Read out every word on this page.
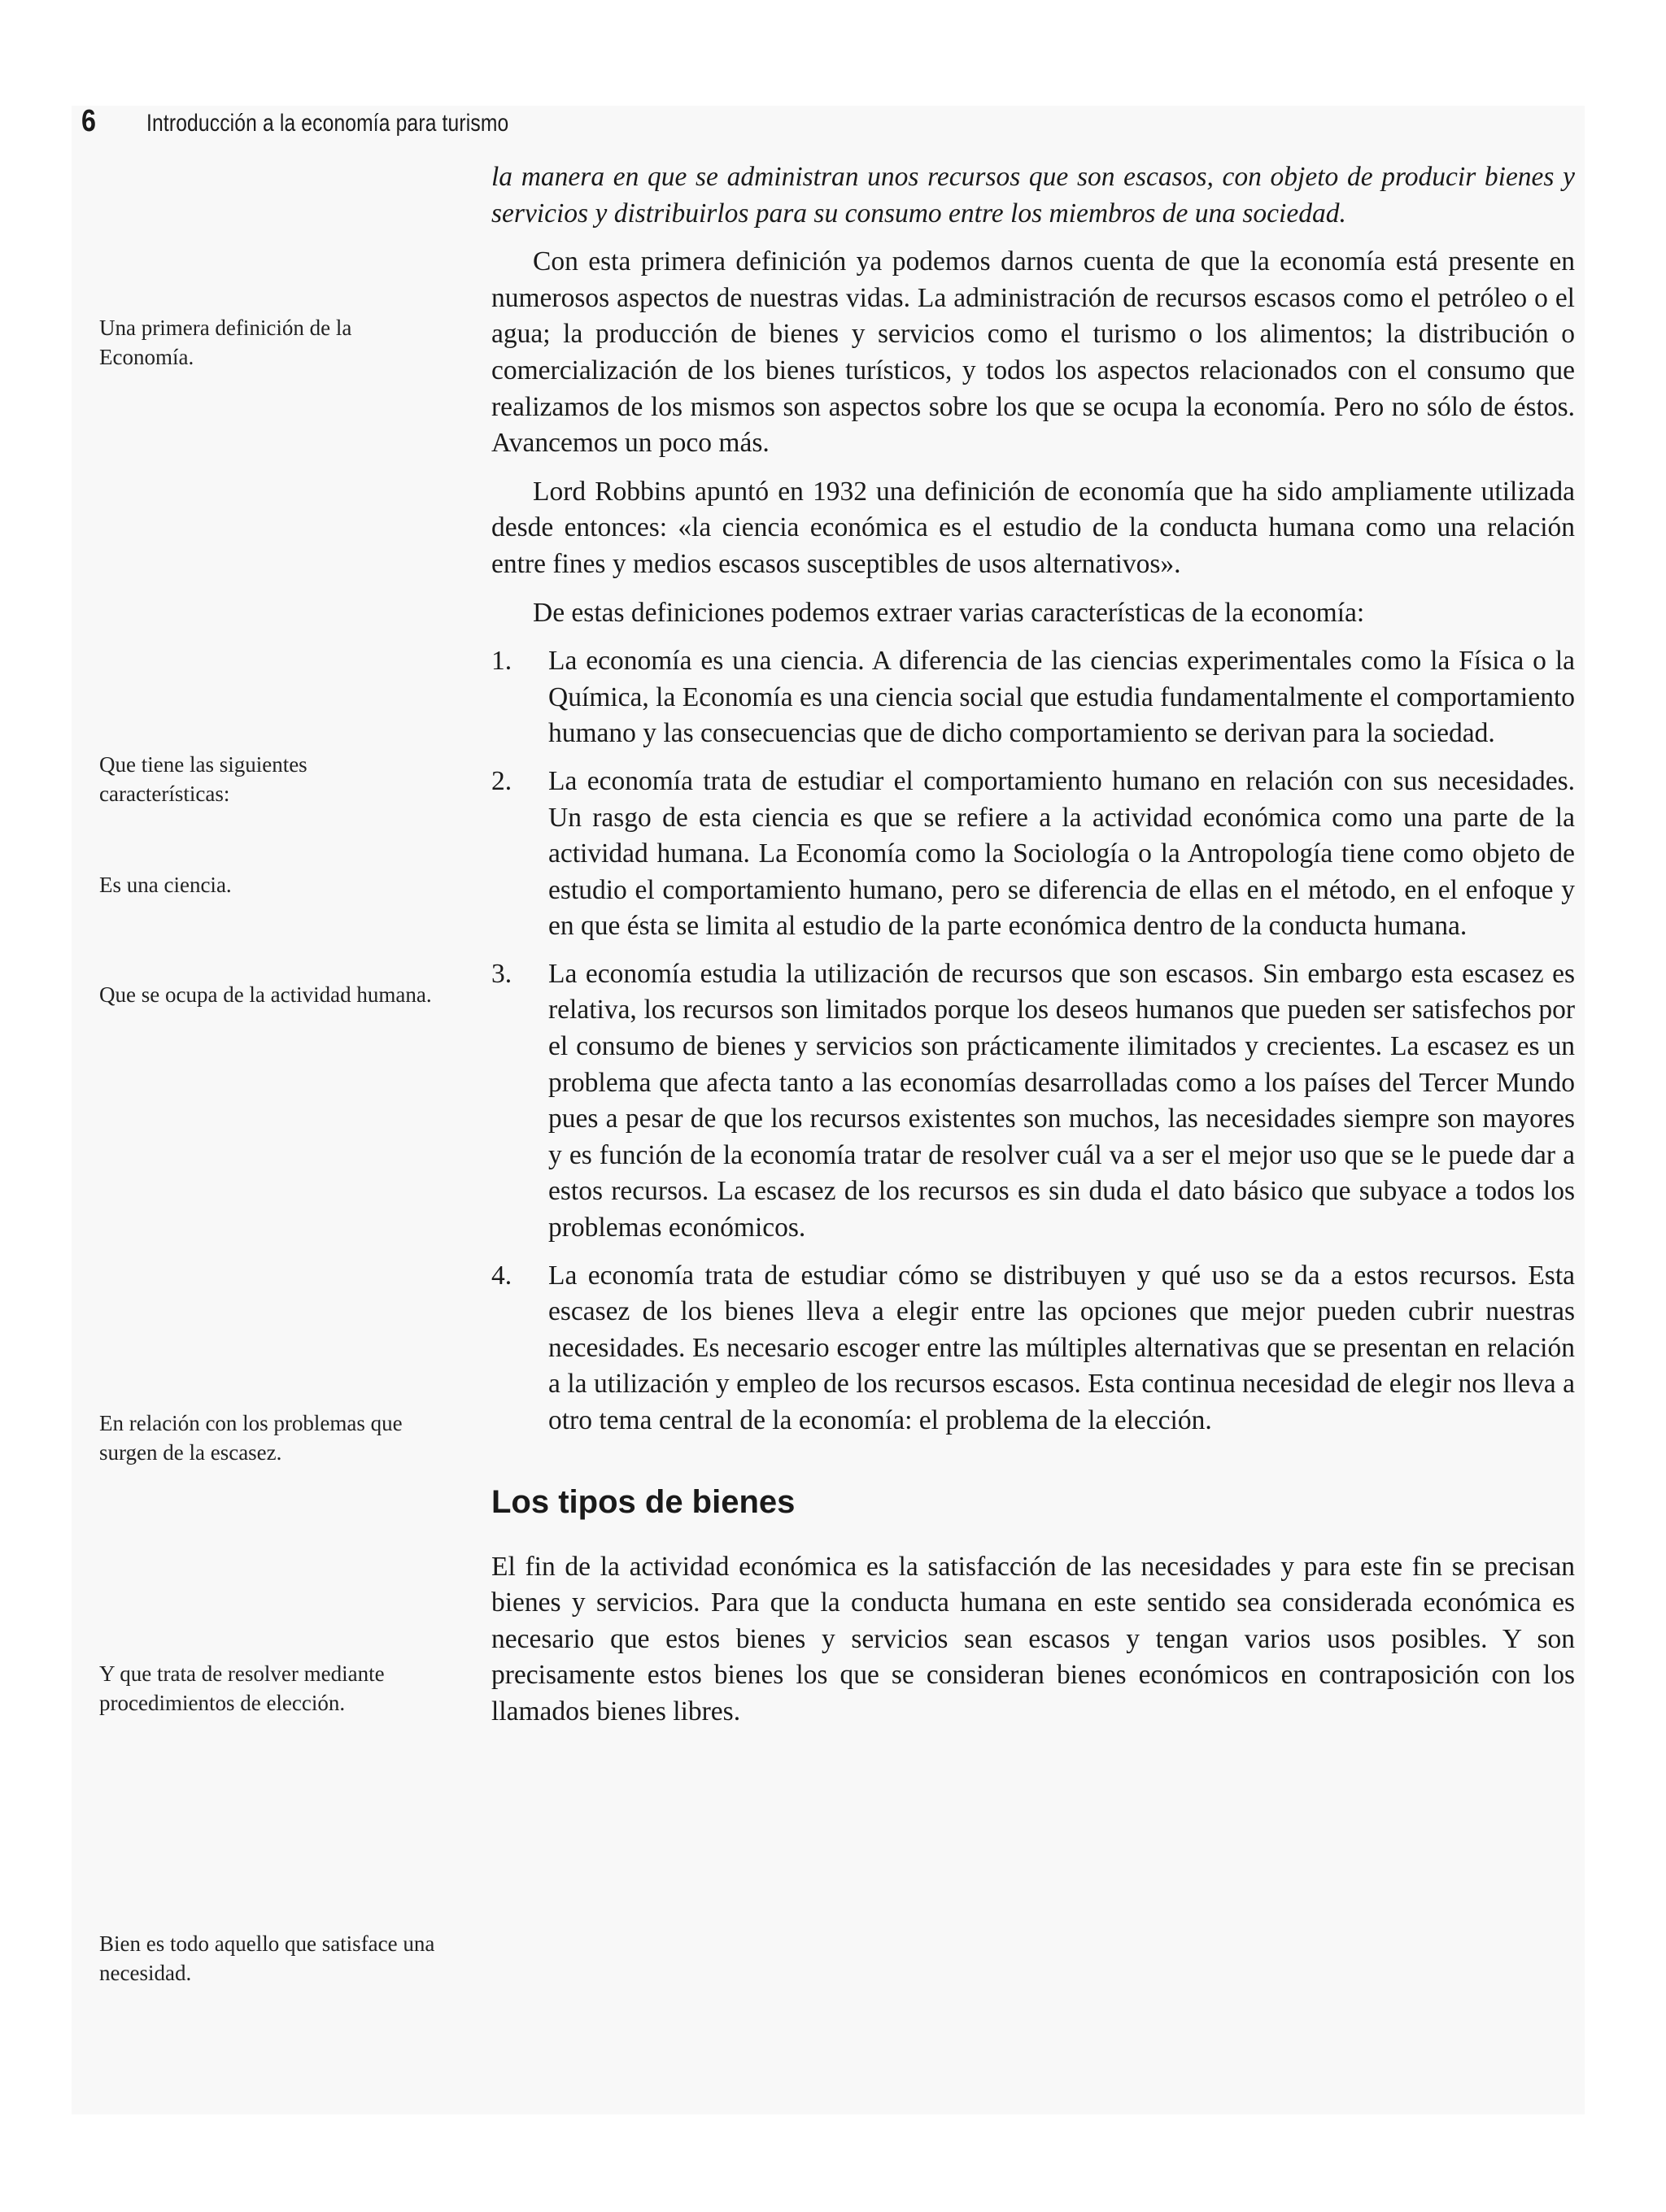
6	Introducción a la economía para turismo
Una primera definición de la Economía.
Que tiene las siguientes características:
Es una ciencia.
Que se ocupa de la actividad humana.
En relación con los problemas que surgen de la escasez.
Y que trata de resolver mediante procedimientos de elección.
Bien es todo aquello que satisface una necesidad.

la manera en que se administran unos recursos que son escasos, con objeto de producir bienes y servicios y distribuirlos para su consumo entre los miembros de una sociedad.

Con esta primera definición ya podemos darnos cuenta de que la economía está presente en numerosos aspectos de nuestras vidas. La administración de recursos escasos como el petróleo o el agua; la producción de bienes y servicios como el turismo o los alimentos; la distribución o comercialización de los bienes turísticos, y todos los aspectos relacionados con el consumo que realizamos de los mismos son aspectos sobre los que se ocupa la economía. Pero no sólo de éstos. Avancemos un poco más.

Lord Robbins apuntó en 1932 una definición de economía que ha sido ampliamente utilizada desde entonces: «la ciencia económica es el estudio de la conducta humana como una relación entre fines y medios escasos susceptibles de usos alternativos».

De estas definiciones podemos extraer varias características de la economía:

1.	La economía es una ciencia. A diferencia de las ciencias experimentales como la Física o la Química, la Economía es una ciencia social que estudia fundamentalmente el comportamiento humano y las consecuencias que de dicho comportamiento se derivan para la sociedad.
2.	La economía trata de estudiar el comportamiento humano en relación con sus necesidades. Un rasgo de esta ciencia es que se refiere a la actividad económica como una parte de la actividad humana. La Economía como la Sociología o la Antropología tiene como objeto de estudio el comportamiento humano, pero se diferencia de ellas en el método, en el enfoque y en que ésta se limita al estudio de la parte económica dentro de la conducta humana.
3.	La economía estudia la utilización de recursos que son escasos. Sin embargo esta escasez es relativa, los recursos son limitados porque los deseos humanos que pueden ser satisfechos por el consumo de bienes y servicios son prácticamente ilimitados y crecientes. La escasez es un problema que afecta tanto a las economías desarrolladas como a los países del Tercer Mundo pues a pesar de que los recursos existentes son muchos, las necesidades siempre son mayores y es función de la economía tratar de resolver cuál va a ser el mejor uso que se le puede dar a estos recursos. La escasez de los recursos es sin duda el dato básico que subyace a todos los problemas económicos.
4.	La economía trata de estudiar cómo se distribuyen y qué uso se da a estos recursos. Esta escasez de los bienes lleva a elegir entre las opciones que mejor pueden cubrir nuestras necesidades. Es necesario escoger entre las múltiples alternativas que se presentan en relación a la utilización y empleo de los recursos escasos. Esta continua necesidad de elegir nos lleva a otro tema central de la economía: el problema de la elección.
Los tipos de bienes

El fin de la actividad económica es la satisfacción de las necesidades y para este fin se precisan bienes y servicios. Para que la conducta humana en este sentido sea considerada económica es necesario que estos bienes y servicios sean escasos y tengan varios usos posibles. Y son precisamente estos bienes los que se consideran bienes económicos en contraposición con los llamados bienes libres.
